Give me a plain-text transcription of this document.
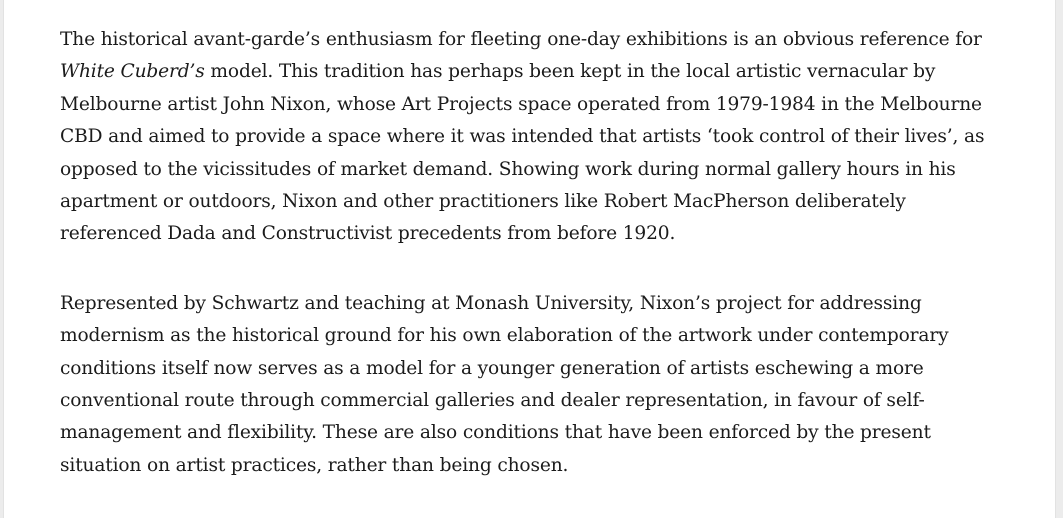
The historical avant-garde’s enthusiasm for fleeting one-day exhibitions is an obvious reference for
White Cuberd’s model. This tradition has perhaps been kept in the local artistic vernacular by
Melbourne artist John Nixon, whose Art Projects space operated from 1979-1984 in the Melbourne
CBD and aimed to provide a space where it was intended that artists ‘took control of their lives’, as
opposed to the vicissitudes of market demand. Showing work during normal gallery hours in his
apartment or outdoors, Nixon and other practitioners like Robert MacPherson deliberately
referenced Dada and Constructivist precedents from before 1920.

Represented by Schwartz and teaching at Monash University, Nixon’s project for addressing
modernism as the historical ground for his own elaboration of the artwork under contemporary
conditions itself now serves as a model for a younger generation of artists eschewing a more
conventional route through commercial galleries and dealer representation, in favour of self-
management and flexibility. These are also conditions that have been enforced by the present
situation on artist practices, rather than being chosen.
